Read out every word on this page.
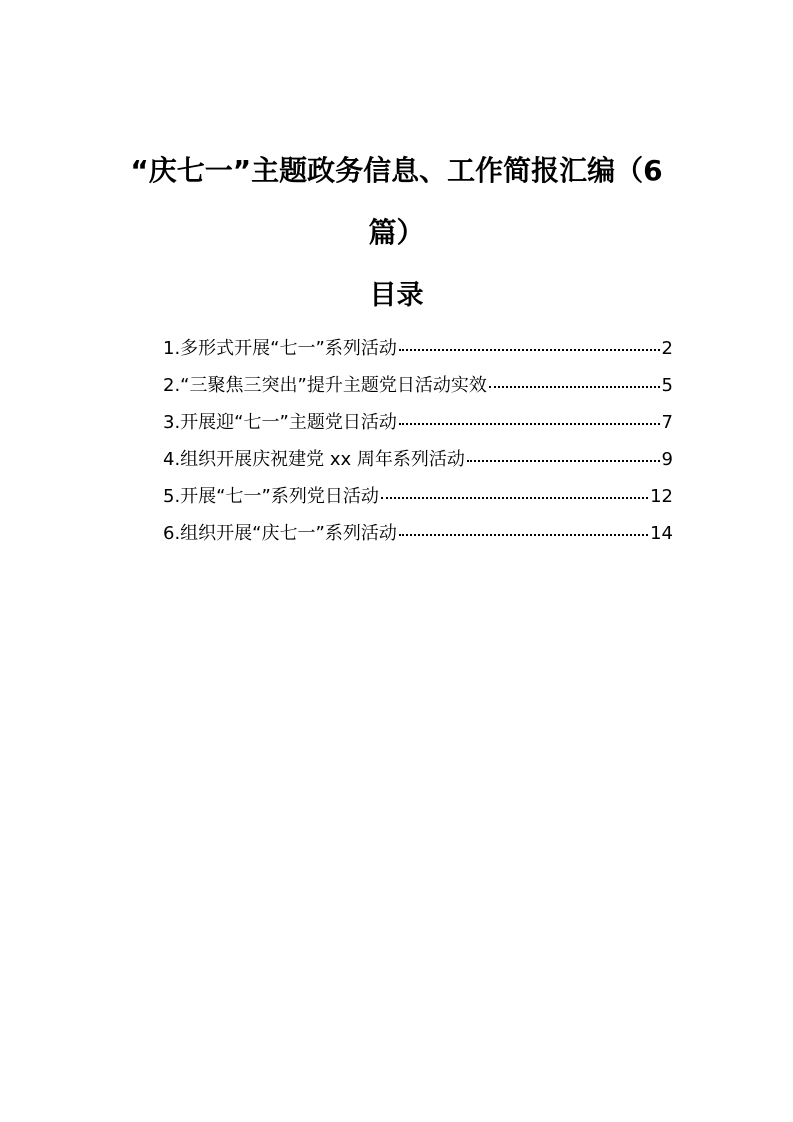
“庆七一”主题政务信息、工作简报汇编（6
篇）
目录
1.多形式开展“七一”系列活动	2
2.“三聚焦三突出”提升主题党日活动实效	5
3.开展迎“七一”主题党日活动	7
4.组织开展庆祝建党 xx 周年系列活动	9
5.开展“七一”系列党日活动	12
6.组织开展“庆七一”系列活动	14
